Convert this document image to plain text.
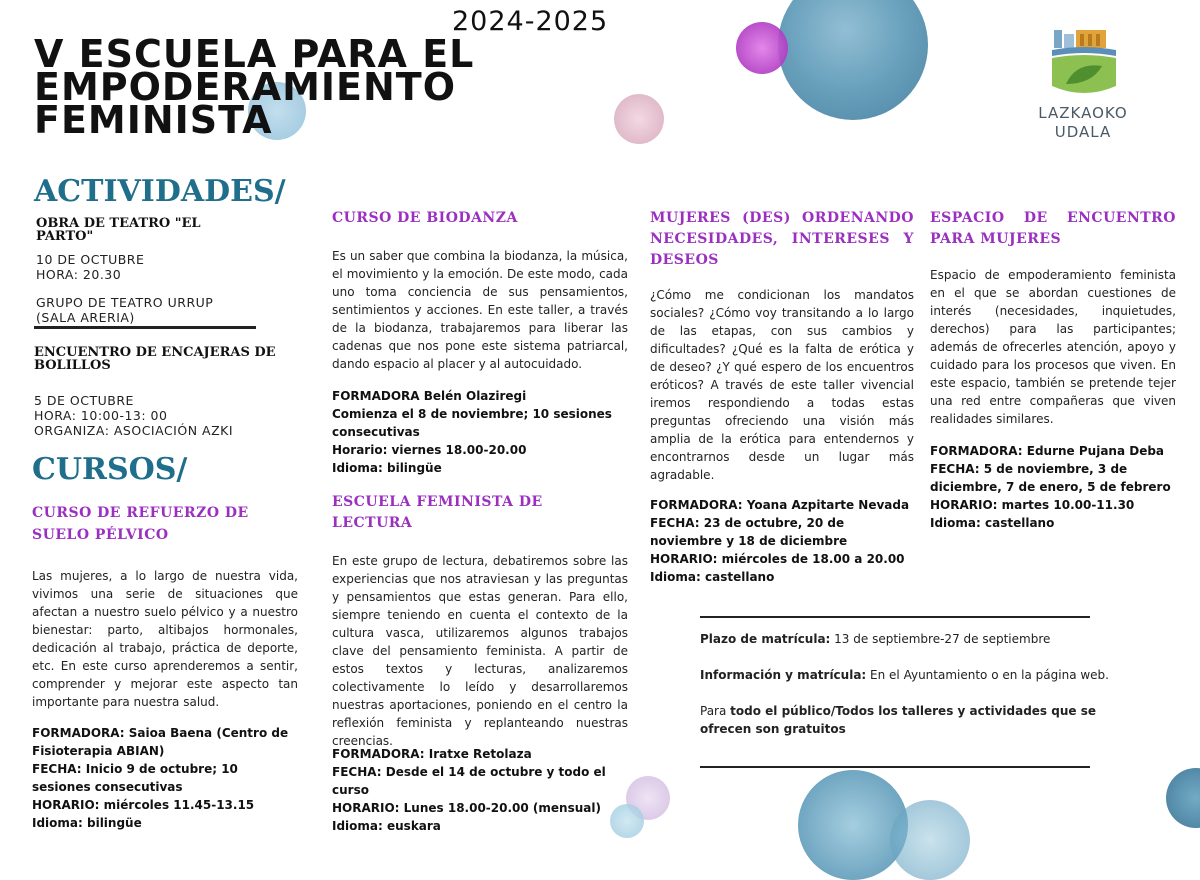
2024-2025
V ESCUELA PARA EL
EMPODERAMIENTO
FEMINISTA	LAZKAOKO
UDALA
ACTIVIDADES/
OBRA DE TEATRO "EL PARTO"
10 DE OCTUBRE
HORA: 20.30
GRUPO DE TEATRO URRUP
(SALA ARERIA)
ENCUENTRO DE ENCAJERAS DE BOLILLOS
5 DE OCTUBRE
HORA: 10:00-13: 00
ORGANIZA: ASOCIACIÓN AZKI
CURSOS/
CURSO DE REFUERZO DE SUELO PÉLVICO
Las mujeres, a lo largo de nuestra vida, vivimos una serie de situaciones que afectan a nuestro suelo pélvico y a nuestro bienestar: parto, altibajos hormonales, dedicación al trabajo, práctica de deporte, etc. En este curso aprenderemos a sentir, comprender y mejorar este aspecto tan importante para nuestra salud.
FORMADORA: Saioa Baena (Centro de Fisioterapia ABIAN)
FECHA: Inicio 9 de octubre; 10 sesiones consecutivas
HORARIO: miércoles 11.45-13.15
Idioma: bilingüe
CURSO DE BIODANZA
Es un saber que combina la biodanza, la música, el movimiento y la emoción. De este modo, cada uno toma conciencia de sus pensamientos, sentimientos y acciones. En este taller, a través de la biodanza, trabajaremos para liberar las cadenas que nos pone este sistema patriarcal, dando espacio al placer y al autocuidado.
FORMADORA Belén Olaziregi
Comienza el 8 de noviembre; 10 sesiones consecutivas
Horario: viernes 18.00-20.00
Idioma: bilingüe
ESCUELA FEMINISTA DE LECTURA
En este grupo de lectura, debatiremos sobre las experiencias que nos atraviesan y las preguntas y pensamientos que estas generan. Para ello, siempre teniendo en cuenta el contexto de la cultura vasca, utilizaremos algunos trabajos clave del pensamiento feminista. A partir de estos textos y lecturas, analizaremos colectivamente lo leído y desarrollaremos nuestras aportaciones, poniendo en el centro la reflexión feminista y replanteando nuestras creencias.
FORMADORA: Iratxe Retolaza
FECHA: Desde el 14 de octubre y todo el curso
HORARIO: Lunes 18.00-20.00 (mensual)
Idioma: euskara
MUJERES (DES) ORDENANDO NECESIDADES, INTERESES Y DESEOS
¿Cómo me condicionan los mandatos sociales? ¿Cómo voy transitando a lo largo de las etapas, con sus cambios y dificultades? ¿Qué es la falta de erótica y de deseo? ¿Y qué espero de los encuentros eróticos? A través de este taller vivencial iremos respondiendo a todas estas preguntas ofreciendo una visión más amplia de la erótica para entendernos y encontrarnos desde un lugar más agradable.
FORMADORA: Yoana Azpitarte Nevada
FECHA: 23 de octubre, 20 de noviembre y 18 de diciembre
HORARIO: miércoles de 18.00 a 20.00
Idioma: castellano
ESPACIO DE ENCUENTRO PARA MUJERES
Espacio de empoderamiento feminista en el que se abordan cuestiones de interés (necesidades, inquietudes, derechos) para las participantes; además de ofrecerles atención, apoyo y cuidado para los procesos que viven. En este espacio, también se pretende tejer una red entre compañeras que viven realidades similares.
FORMADORA: Edurne Pujana Deba
FECHA: 5 de noviembre, 3 de diciembre, 7 de enero, 5 de febrero
HORARIO: martes 10.00-11.30
Idioma: castellano
Plazo de matrícula: 13 de septiembre-27 de septiembre
Información y matrícula: En el Ayuntamiento o en la página web.
Para todo el público/Todos los talleres y actividades que se ofrecen son gratuitos
